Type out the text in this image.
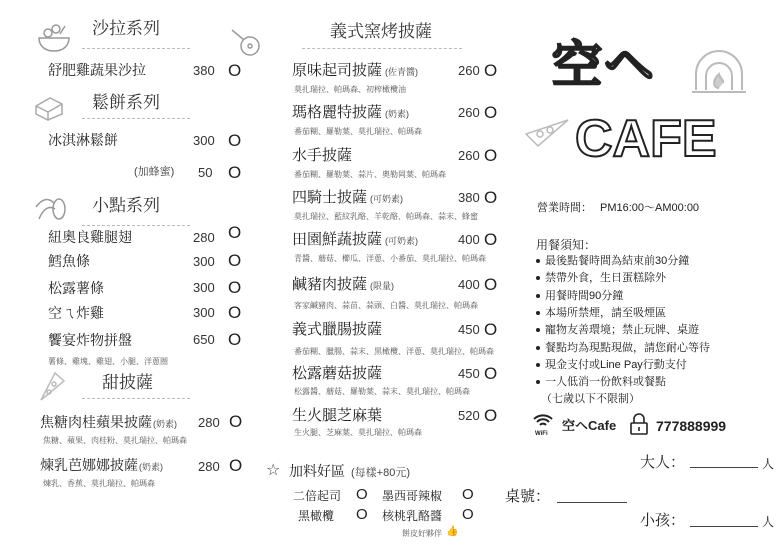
沙拉系列
舒肥雞蔬果沙拉	380 O
鬆餅系列
冰淇淋鬆餅	300 O
(加蜂蜜) 50 O
小點系列
紐奧良雞腿翅	280 O
鱈魚條	300 O
松露薯條	300 O
空ㄟ炸雞	300 O
饗宴炸物拼盤	650 O
薯條、雞塊、雞翅、小腿、洋蔥圈
甜披薩
焦糖肉桂蘋果披薩 (奶素) 280 O
焦糖、蘋果、肉桂粉、莫扎瑞拉、帕瑪森
煉乳芭娜娜披薩 (奶素)	280 O
煉乳、香蕉、莫扎瑞拉、帕瑪森
義式窯烤披薩
原味起司披薩 (佐青醬)	260 O
莫扎瑞拉、帕瑪森、初榨橄欖油
瑪格麗特披薩 (奶素)	260 O
番茄糊、羅勒葉、莫扎瑞拉、帕瑪森
水手披薩	260 O
番茄糊、羅勒葉、蒜片、奧勒岡葉、帕瑪森
四騎士披薩 (可奶素)	380 O
莫扎瑞拉、藍紋乳酪、羊乾酪、帕瑪森、蒜末、蜂蜜
田園鮮蔬披薩 (可奶素)	400 O
青醬、蘑菇、櫛瓜、洋蔥、小番茄、莫扎瑞拉、帕瑪森
鹹豬肉披薩 (限量)	400 O
客家鹹豬肉、蒜苗、蒜頭、白醬、莫扎瑞拉、帕瑪森
義式臘腸披薩	450 O
番茄糊、臘腸、蒜末、黑橄欖、洋蔥、莫扎瑞拉、帕瑪森
松露蘑菇披薩	450 O
松露醬、蘑菇、羅勒葉、蒜末、莫扎瑞拉、帕瑪森
生火腿芝麻葉	520 O
生火腿、芝麻葉、莫扎瑞拉、帕瑪森
☆ 加料好區 (每樣+80元)
二倍起司 O 墨西哥辣椒 O
黑橄欖 O 核桃乳酪醬 O
餅皮好夥伴 👍
空ヘ
CAFE
營業時間： PM16:00～AM00:00
用餐須知：
最後點餐時間為結束前30分鐘
禁帶外食，生日蛋糕除外
用餐時間90分鐘
本場所禁煙，請至吸煙區
寵物友善環境；禁止玩牌、桌遊
餐點均為現點現做，請您耐心等待
現金支付或Line Pay行動支付
一人低消一份飲料或餐點
（七歲以下不限制）
WiFi
空ヘCafe	777888999
大人：	人
桌號：
小孩：	人
